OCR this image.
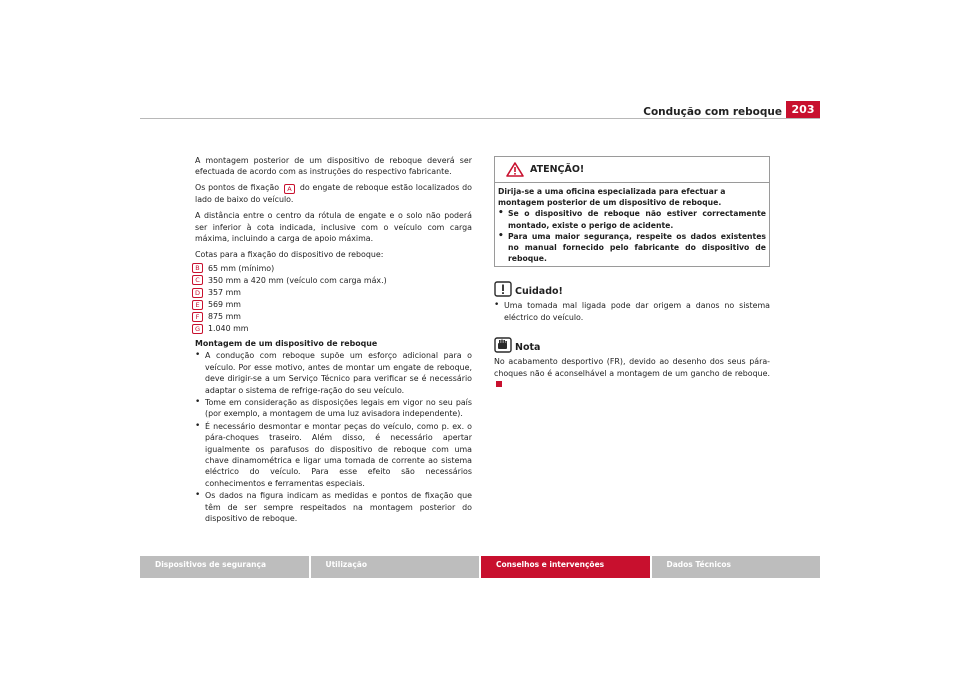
Condução com reboque 203

A montagem posterior de um dispositivo de reboque deverá ser efectuada de acordo com as instruções do respectivo fabricante.

Os pontos de fixação A do engate de reboque estão localizados do lado de baixo do veículo.

A distância entre o centro da rótula de engate e o solo não poderá ser inferior à cota indicada, inclusive com o veículo com carga máxima, incluindo a carga de apoio máxima.

Cotas para a fixação do dispositivo de reboque:

B	65 mm (mínimo)
C	350 mm a 420 mm (veículo com carga máx.)
D	357 mm
E	569 mm
F	875 mm
G	1.040 mm

Montagem de um dispositivo de reboque

• A condução com reboque supõe um esforço adicional para o veículo. Por esse motivo, antes de montar um engate de reboque, deve dirigir-se a um Serviço Técnico para verificar se é necessário adaptar o sistema de refrige-ração do seu veículo.
• Tome em consideração as disposições legais em vigor no seu país (por exemplo, a montagem de uma luz avisadora independente).
• É necessário desmontar e montar peças do veículo, como p. ex. o pára-choques traseiro. Além disso, é necessário apertar igualmente os parafusos do dispositivo de reboque com uma chave dinamométrica e ligar uma tomada de corrente ao sistema eléctrico do veículo. Para esse efeito são necessários conhecimentos e ferramentas especiais.
• Os dados na figura indicam as medidas e pontos de fixação que têm de ser sempre respeitados na montagem posterior do dispositivo de reboque.
ATENÇÃO!

Dirija-se a uma oficina especializada para efectuar a montagem posterior de um dispositivo de reboque.

• Se o dispositivo de reboque não estiver correctamente montado, existe o perigo de acidente.
• Para uma maior segurança, respeite os dados existentes no manual fornecido pelo fabricante do dispositivo de reboque.
Cuidado!
• Uma tomada mal ligada pode dar origem a danos no sistema eléctrico do veículo.
Nota

No acabamento desportivo (FR), devido ao desenho dos seus pára-choques não é aconselhável a montagem de um gancho de reboque.

Dispositivos de segurança	Utilização	Conselhos e intervenções	Dados Técnicos
